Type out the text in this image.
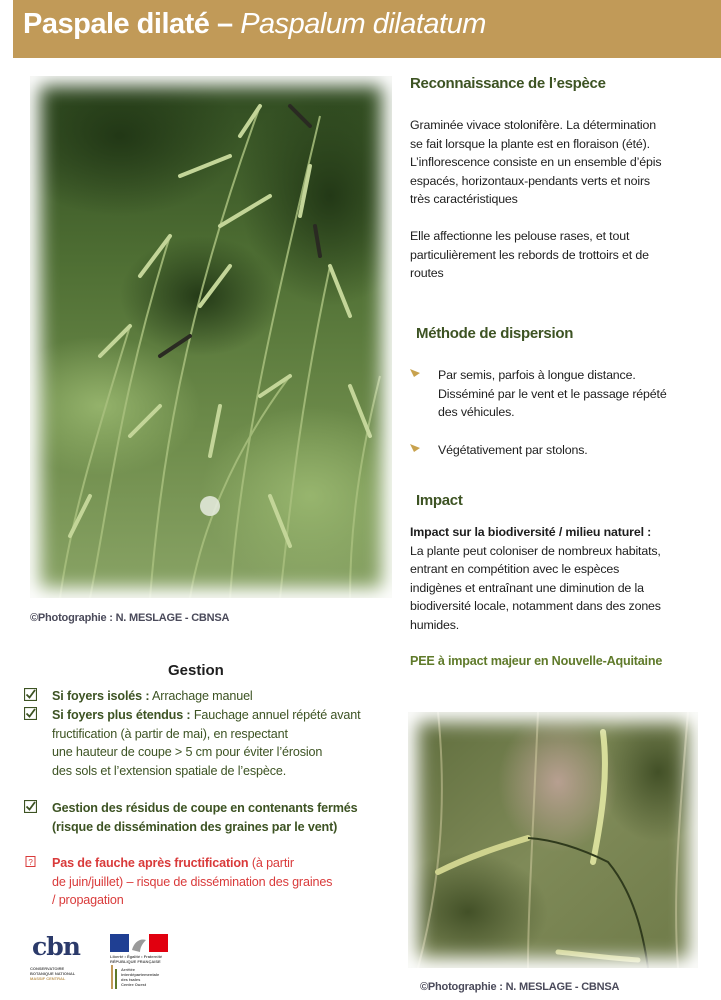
Paspale dilaté – Paspalum dilatatum
©Photographie : N. MESLAGE - CBNSA
Reconnaissance de l’espèce
Graminée vivace stolonifère. La détermination
se fait lorsque la plante est en floraison (été).
L’inflorescence consiste en un ensemble d’épis
espacés, horizontaux-pendants verts et noirs
très caractéristiques
Elle affectionne les pelouse rases, et tout
particulièrement les rebords de trottoirs et de
routes
Méthode de dispersion
Par semis, parfois à longue distance.
Disséminé par le vent et le passage répété
des véhicules.
Végétativement par stolons.
Impact
Impact sur la biodiversité / milieu naturel :
La plante peut coloniser de nombreux habitats,
entrant en compétition avec le espèces
indigènes et entraînant une diminution de la
biodiversité locale, notamment dans des zones
humides.
PEE à impact majeur en Nouvelle-Aquitaine
©Photographie : N. MESLAGE - CBNSA
Gestion
Si foyers isolés : Arrachage manuel
Si foyers plus étendus : Fauchage annuel répété avant
fructification (à partir de mai), en respectant
une hauteur de coupe > 5 cm pour éviter l’érosion
des sols et l’extension spatiale de l’espèce.
Gestion des résidus de coupe en contenants fermés
(risque de dissémination des graines par le vent)
? Pas de fauche après fructification (à partir
de juin/juillet) – risque de dissémination des graines
/ propagation
cbn
CONSERVATOIRE
BOTANIQUE NATIONAL
MASSIF CENTRAL
Liberté • Égalité • Fraternité
RÉPUBLIQUE FRANÇAISE
Arrêtée
interdépartementale
des tsales
Centre Ouest
